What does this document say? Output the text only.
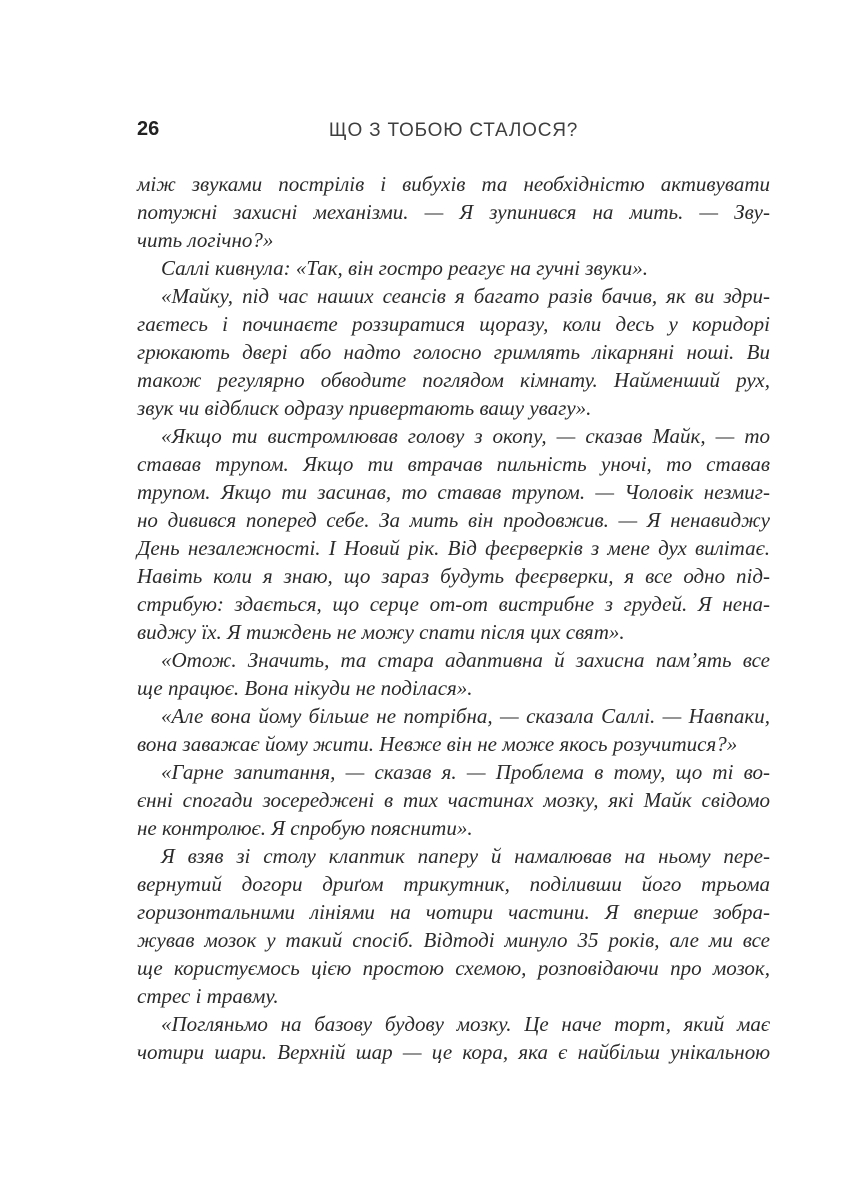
26	ЩО З ТОБОЮ СТАЛОСЯ?
між звуками пострілів і вибухів та необхідністю активувати
потужні захисні механізми. — Я зупинився на мить. — Зву-
чить логічно?»
Саллі кивнула: «Так, він гостро реагує на гучні звуки».
«Майку, під час наших сеансів я багато разів бачив, як ви здри-
гаєтесь і починаєте роззиратися щоразу, коли десь у коридорі
грюкають двері або надто голосно гримлять лікарняні ноші. Ви
також регулярно обводите поглядом кімнату. Найменший рух,
звук чи відблиск одразу привертають вашу увагу».
«Якщо ти вистромлював голову з окопу, — сказав Майк, — то
ставав трупом. Якщо ти втрачав пильність уночі, то ставав
трупом. Якщо ти засинав, то ставав трупом. — Чоловік незмиг-
но дивився поперед себе. За мить він продовжив. — Я ненавиджу
День незалежності. І Новий рік. Від феєрверків з мене дух вилітає.
Навіть коли я знаю, що зараз будуть феєрверки, я все одно під-
стрибую: здається, що серце от-от вистрибне з грудей. Я нена-
виджу їх. Я тиждень не можу спати після цих свят».
«Отож. Значить, та стара адаптивна й захисна пам’ять все
ще працює. Вона нікуди не поділася».
«Але вона йому більше не потрібна, — сказала Саллі. — Навпаки,
вона заважає йому жити. Невже він не може якось розучитися?»
«Гарне запитання, — сказав я. — Проблема в тому, що ті во-
єнні спогади зосереджені в тих частинах мозку, які Майк свідомо
не контролює. Я спробую пояснити».
Я взяв зі столу клаптик паперу й намалював на ньому пере-
вернутий догори дриґом трикутник, поділивши його трьома
горизонтальними лініями на чотири частини. Я вперше зобра-
жував мозок у такий спосіб. Відтоді минуло 35 років, але ми все
ще користуємось цією простою схемою, розповідаючи про мозок,
стрес і травму.
«Погляньмо на базову будову мозку. Це наче торт, який має
чотири шари. Верхній шар — це кора, яка є найбільш унікальною
